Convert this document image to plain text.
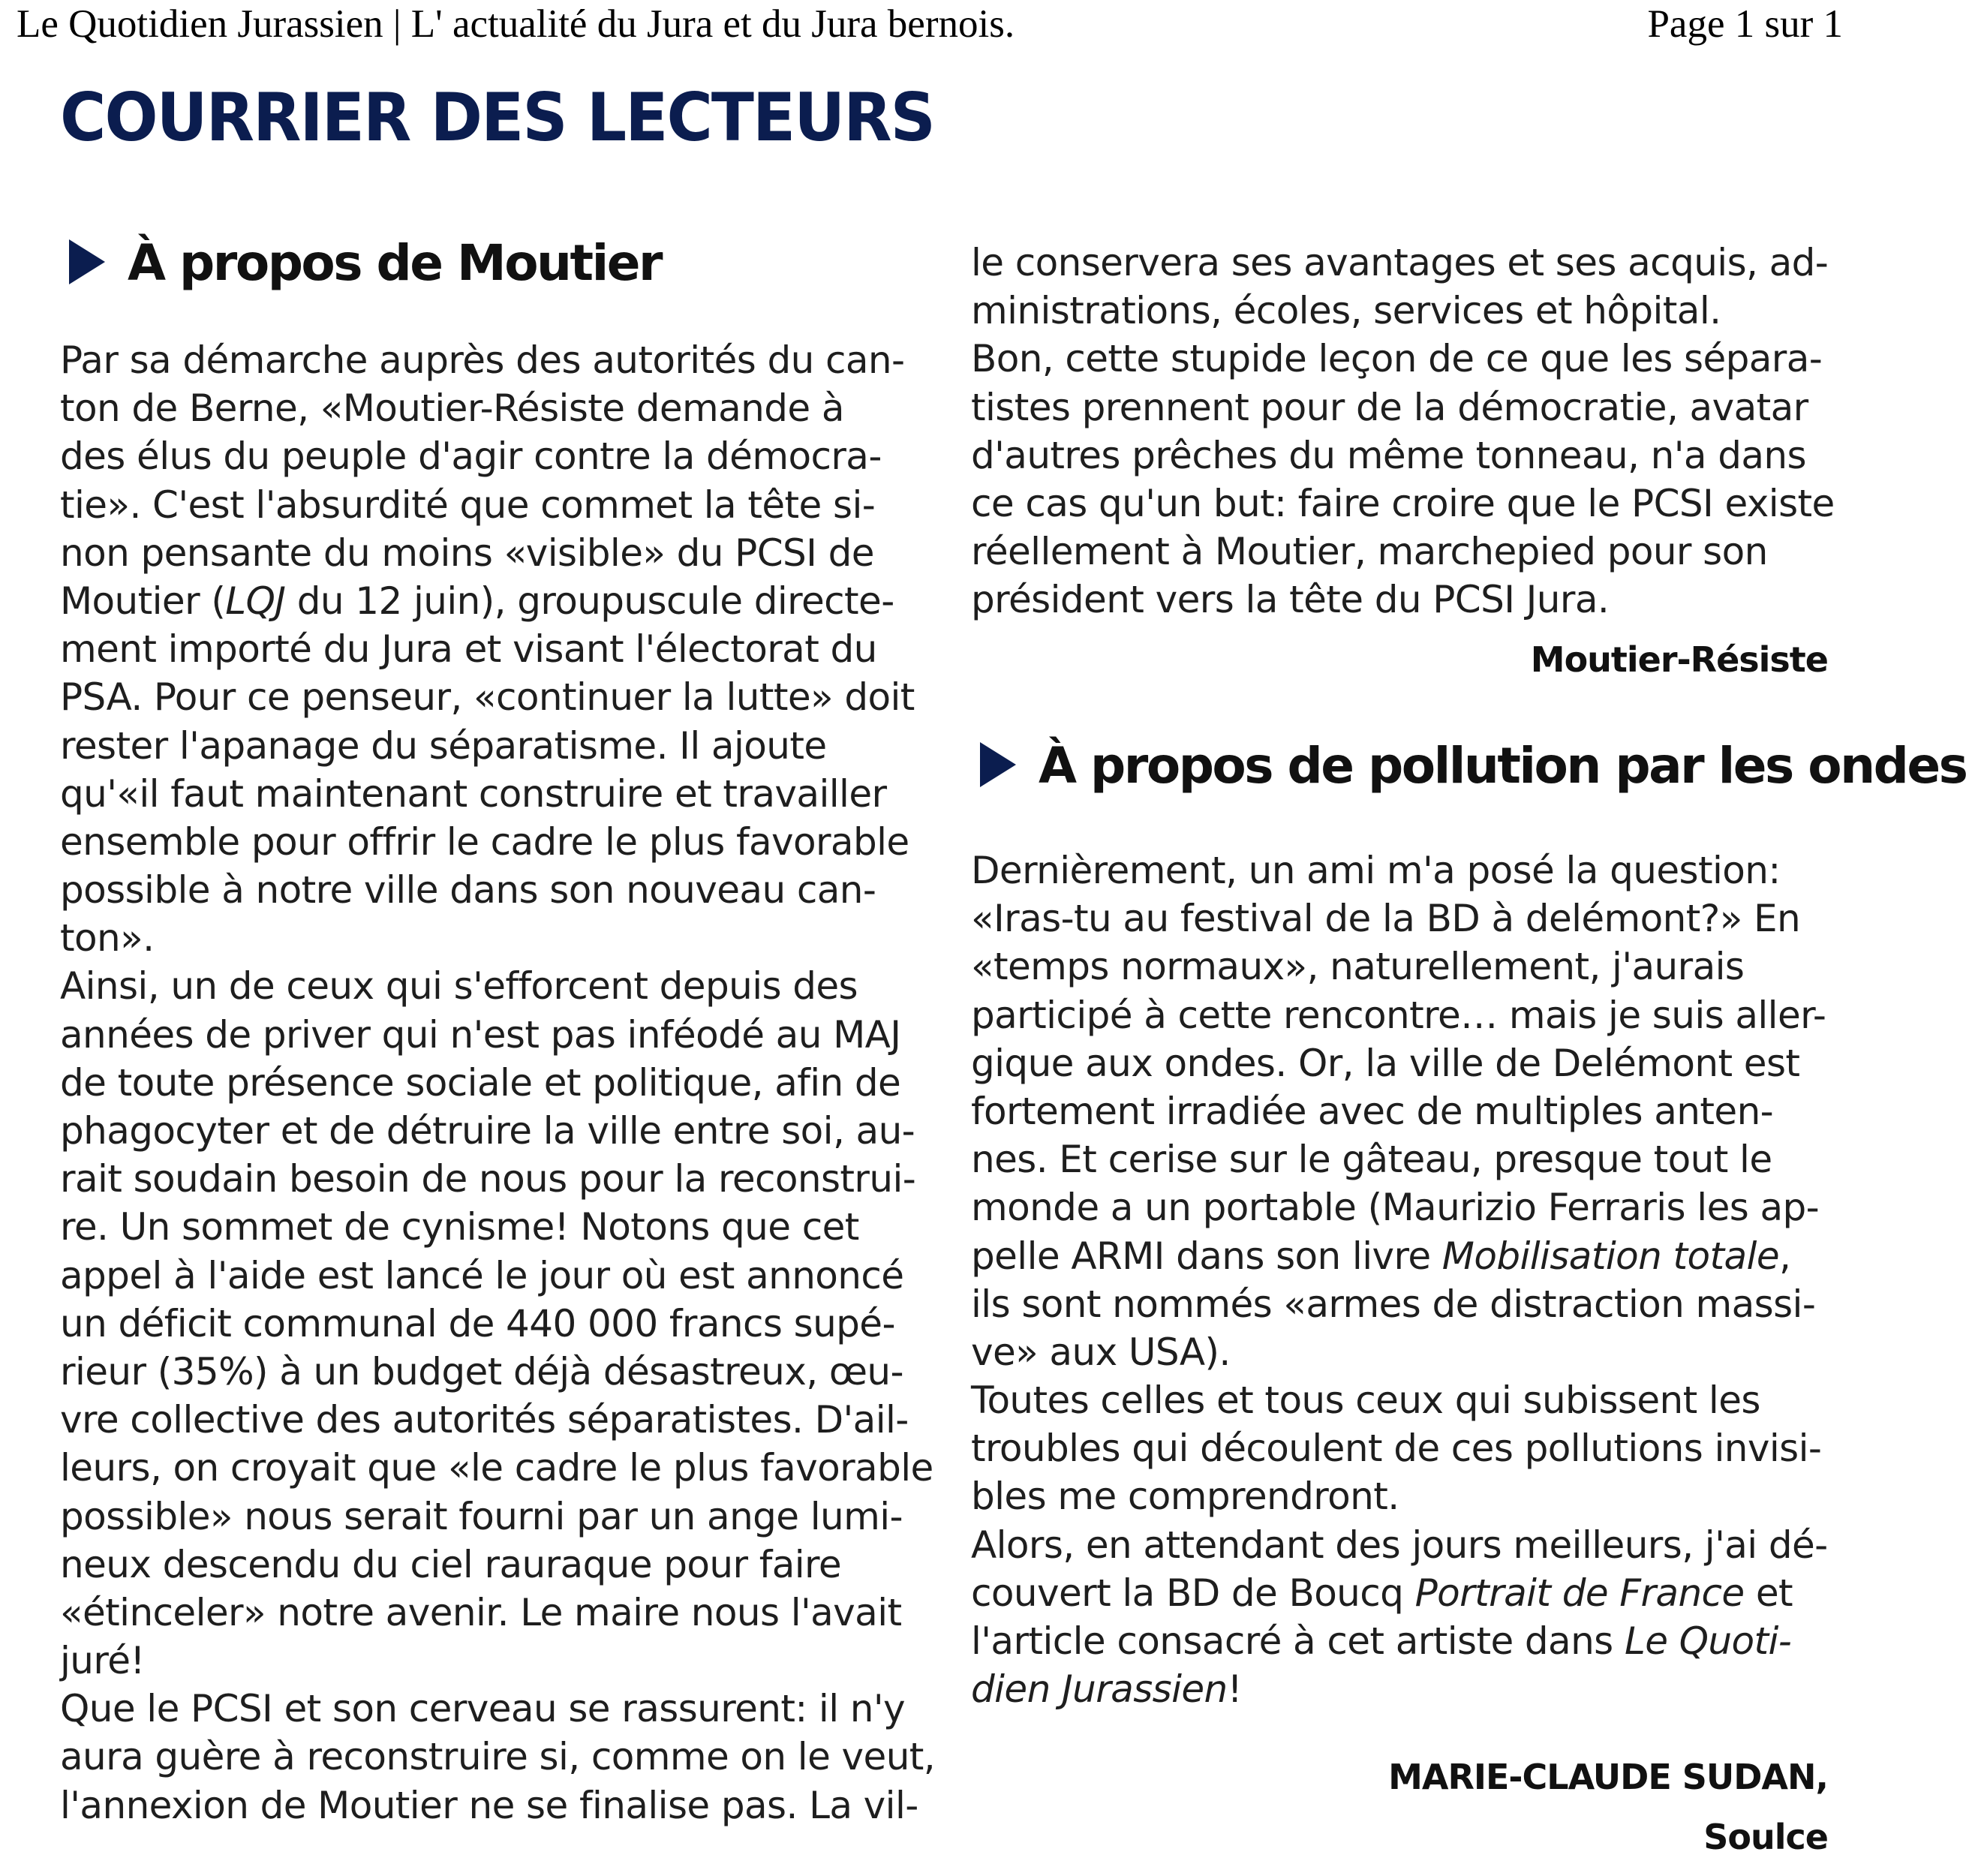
Le Quotidien Jurassien | L' actualité du Jura et du Jura bernois.	Page 1 sur 1
COURRIER DES LECTEURS
À propos de Moutier
Par sa démarche auprès des autorités du can-
ton de Berne, «Moutier-Résiste demande à
des élus du peuple d'agir contre la démocra-
tie». C'est l'absurdité que commet la tête si-
non pensante du moins «visible» du PCSI de
Moutier (LQJ du 12 juin), groupuscule directe-
ment importé du Jura et visant l'électorat du
PSA. Pour ce penseur, «continuer la lutte» doit
rester l'apanage du séparatisme. Il ajoute
qu'«il faut maintenant construire et travailler
ensemble pour offrir le cadre le plus favorable
possible à notre ville dans son nouveau can-
ton».
Ainsi, un de ceux qui s'efforcent depuis des
années de priver qui n'est pas inféodé au MAJ
de toute présence sociale et politique, afin de
phagocyter et de détruire la ville entre soi, au-
rait soudain besoin de nous pour la reconstrui-
re. Un sommet de cynisme! Notons que cet
appel à l'aide est lancé le jour où est annoncé
un déficit communal de 440 000 francs supé-
rieur (35%) à un budget déjà désastreux, œu-
vre collective des autorités séparatistes. D'ail-
leurs, on croyait que «le cadre le plus favorable
possible» nous serait fourni par un ange lumi-
neux descendu du ciel rauraque pour faire
«étinceler» notre avenir. Le maire nous l'avait
juré!
Que le PCSI et son cerveau se rassurent: il n'y
aura guère à reconstruire si, comme on le veut,
l'annexion de Moutier ne se finalise pas. La vil-
le conservera ses avantages et ses acquis, ad-
ministrations, écoles, services et hôpital.
Bon, cette stupide leçon de ce que les sépara-
tistes prennent pour de la démocratie, avatar
d'autres prêches du même tonneau, n'a dans
ce cas qu'un but: faire croire que le PCSI existe
réellement à Moutier, marchepied pour son
président vers la tête du PCSI Jura.
Moutier-Résiste
À propos de pollution par les ondes
Dernièrement, un ami m'a posé la question:
«Iras-tu au festival de la BD à delémont?» En
«temps normaux», naturellement, j'aurais
participé à cette rencontre… mais je suis aller-
gique aux ondes. Or, la ville de Delémont est
fortement irradiée avec de multiples anten-
nes. Et cerise sur le gâteau, presque tout le
monde a un portable (Maurizio Ferraris les ap-
pelle ARMI dans son livre Mobilisation totale,
ils sont nommés «armes de distraction massi-
ve» aux USA).
Toutes celles et tous ceux qui subissent les
troubles qui découlent de ces pollutions invisi-
bles me comprendront.
Alors, en attendant des jours meilleurs, j'ai dé-
couvert la BD de Boucq Portrait de France et
l'article consacré à cet artiste dans Le Quoti-
dien Jurassien!
MARIE-CLAUDE SUDAN,
Soulce
